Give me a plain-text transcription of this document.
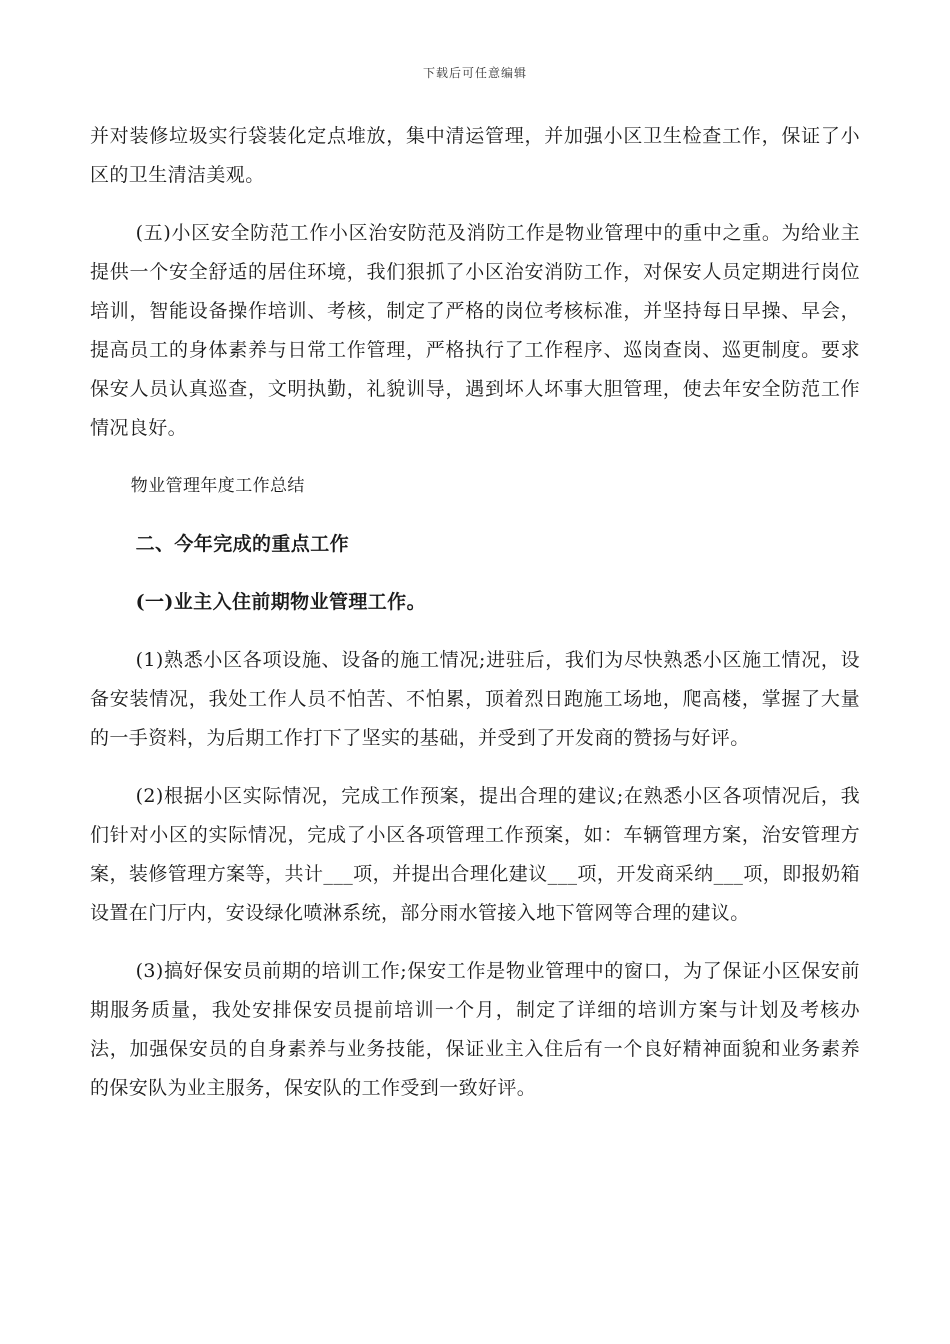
下载后可任意编辑

并对装修垃圾实行袋装化定点堆放，集中清运管理，并加强小区卫生检查工作，保证了小区的卫生清洁美观。

(五)小区安全防范工作小区治安防范及消防工作是物业管理中的重中之重。为给业主提供一个安全舒适的居住环境，我们狠抓了小区治安消防工作，对保安人员定期进行岗位培训，智能设备操作培训、考核，制定了严格的岗位考核标准，并坚持每日早操、早会，提高员工的身体素养与日常工作管理，严格执行了工作程序、巡岗查岗、巡更制度。要求保安人员认真巡查，文明执勤，礼貌训导，遇到坏人坏事大胆管理，使去年安全防范工作情况良好。

物业管理年度工作总结

二、今年完成的重点工作

(一)业主入住前期物业管理工作。

(1)熟悉小区各项设施、设备的施工情况;进驻后，我们为尽快熟悉小区施工情况，设备安装情况，我处工作人员不怕苦、不怕累，顶着烈日跑施工场地，爬高楼，掌握了大量的一手资料，为后期工作打下了坚实的基础，并受到了开发商的赞扬与好评。

(2)根据小区实际情况，完成工作预案，提出合理的建议;在熟悉小区各项情况后，我们针对小区的实际情况，完成了小区各项管理工作预案，如：车辆管理方案，治安管理方案，装修管理方案等，共计___项，并提出合理化建议___项，开发商采纳___项，即报奶箱设置在门厅内，安设绿化喷淋系统，部分雨水管接入地下管网等合理的建议。

(3)搞好保安员前期的培训工作;保安工作是物业管理中的窗口，为了保证小区保安前期服务质量，我处安排保安员提前培训一个月，制定了详细的培训方案与计划及考核办法，加强保安员的自身素养与业务技能，保证业主入住后有一个良好精神面貌和业务素养的保安队为业主服务，保安队的工作受到一致好评。
